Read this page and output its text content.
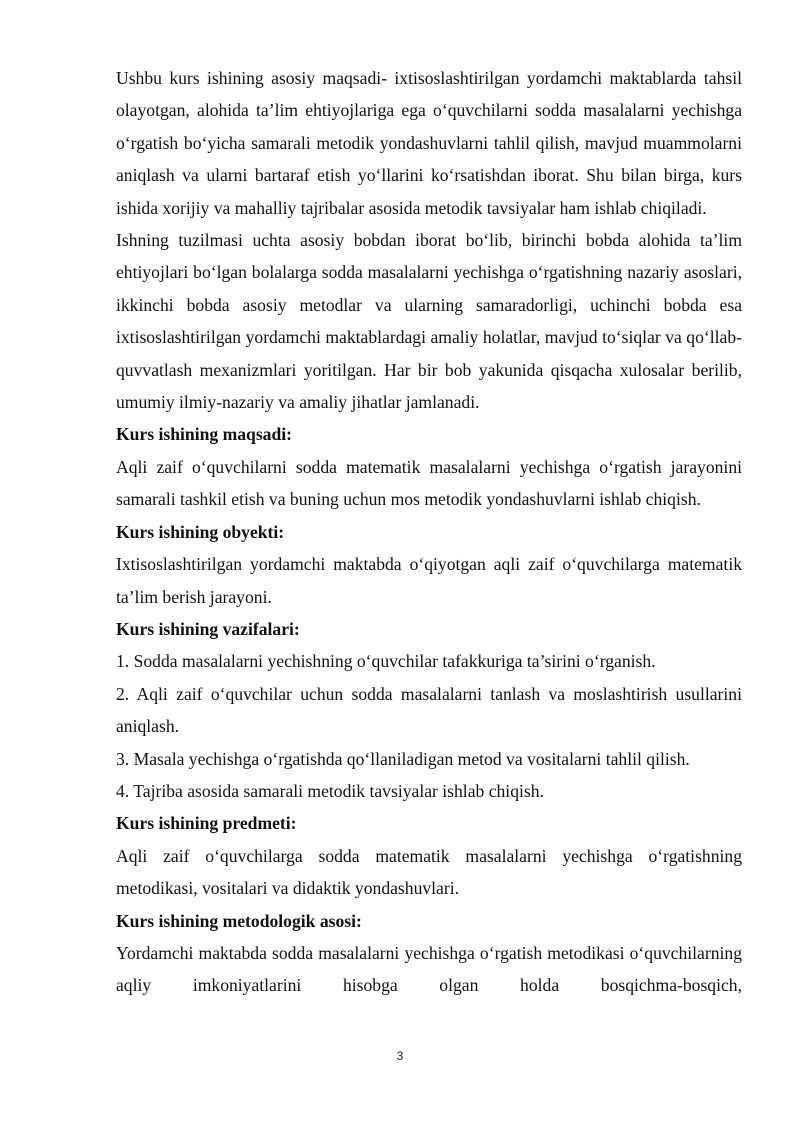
Ushbu kurs ishining asosiy maqsadi- ixtisoslashtirilgan yordamchi maktablarda tahsil olayotgan, alohida ta’lim ehtiyojlariga ega o‘quvchilarni sodda masalalarni yechishga o‘rgatish bo‘yicha samarali metodik yondashuvlarni tahlil qilish, mavjud muammolarni aniqlash va ularni bartaraf etish yo‘llarini ko‘rsatishdan iborat. Shu bilan birga, kurs ishida xorijiy va mahalliy tajribalar asosida metodik tavsiyalar ham ishlab chiqiladi.

Ishning tuzilmasi uchta asosiy bobdan iborat bo‘lib, birinchi bobda alohida ta’lim ehtiyojlari bo‘lgan bolalarga sodda masalalarni yechishga o‘rgatishning nazariy asoslari, ikkinchi bobda asosiy metodlar va ularning samaradorligi, uchinchi bobda esa ixtisoslashtirilgan yordamchi maktablardagi amaliy holatlar, mavjud to‘siqlar va qo‘llab-quvvatlash mexanizmlari yoritilgan. Har bir bob yakunida qisqacha xulosalar berilib, umumiy ilmiy-nazariy va amaliy jihatlar jamlanadi.

Kurs ishining maqsadi:

Aqli zaif o‘quvchilarni sodda matematik masalalarni yechishga o‘rgatish jarayonini samarali tashkil etish va buning uchun mos metodik yondashuvlarni ishlab chiqish.

Kurs ishining obyekti:

Ixtisoslashtirilgan yordamchi maktabda o‘qiyotgan aqli zaif o‘quvchilarga matematik ta’lim berish jarayoni.

Kurs ishining vazifalari:

1. Sodda masalalarni yechishning o‘quvchilar tafakkuriga ta’sirini o‘rganish.

2. Aqli zaif o‘quvchilar uchun sodda masalalarni tanlash va moslashtirish usullarini aniqlash.

3. Masala yechishga o‘rgatishda qo‘llaniladigan metod va vositalarni tahlil qilish.

4. Tajriba asosida samarali metodik tavsiyalar ishlab chiqish.

Kurs ishining predmeti:

Aqli zaif o‘quvchilarga sodda matematik masalalarni yechishga o‘rgatishning metodikasi, vositalari va didaktik yondashuvlari.

Kurs ishining metodologik asosi:

Yordamchi maktabda sodda masalalarni yechishga o‘rgatish metodikasi o‘quvchilarning aqliy imkoniyatlarini hisobga olgan holda bosqichma-bosqich,

3
